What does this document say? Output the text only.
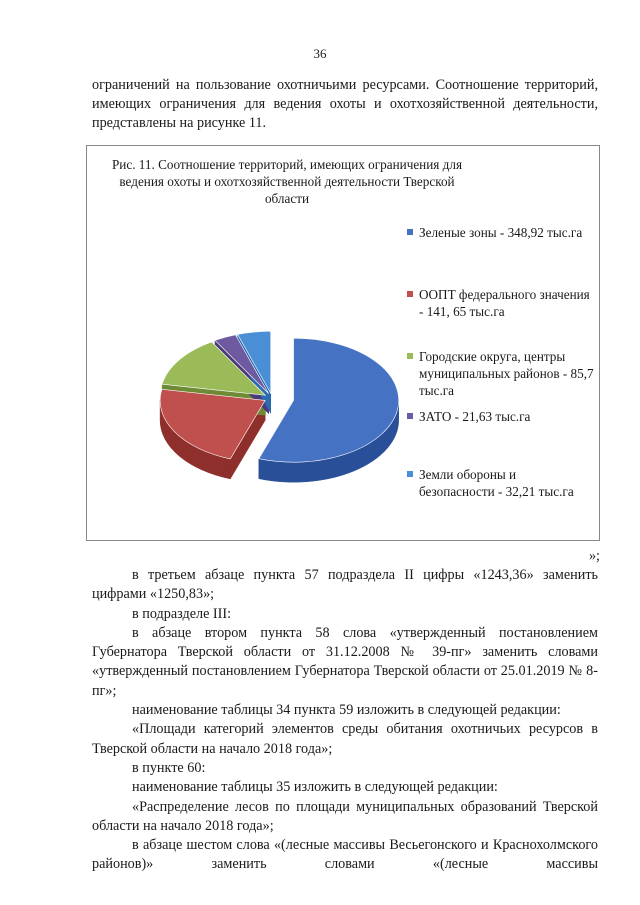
36
ограничений на пользование охотничьими ресурсами. Соотношение территорий, имеющих ограничения для ведения охоты и охотхозяйственной деятельности, представлены на рисунке 11.
Рис. 11. Соотношение территорий, имеющих ограничения для ведения охоты и охотхозяйственной деятельности Тверской области
Зеленые зоны - 348,92 тыс.га
ООПТ федерального значения - 141, 65 тыс.га
Городские округа, центры муниципальных районов - 85,7 тыс.га
ЗАТО - 21,63 тыс.га
Земли обороны и безопасности - 32,21 тыс.га
»;

в третьем абзаце пункта 57 подраздела II цифры «1243,36» заменить цифрами «1250,83»;

в подразделе III:

в абзаце втором пункта 58 слова «утвержденный постановлением Губернатора Тверской области от 31.12.2008 № 39-пг» заменить словами «утвержденный постановлением Губернатора Тверской области от 25.01.2019 № 8-пг»;

наименование таблицы 34 пункта 59 изложить в следующей редакции:

«Площади категорий элементов среды обитания охотничьих ресурсов в Тверской области на начало 2018 года»;

в пункте 60:

наименование таблицы 35 изложить в следующей редакции:

«Распределение лесов по площади муниципальных образований Тверской области на начало 2018 года»;

в абзаце шестом слова «(лесные массивы Весьегонского и Краснохолмского районов)» заменить словами «(лесные массивы
